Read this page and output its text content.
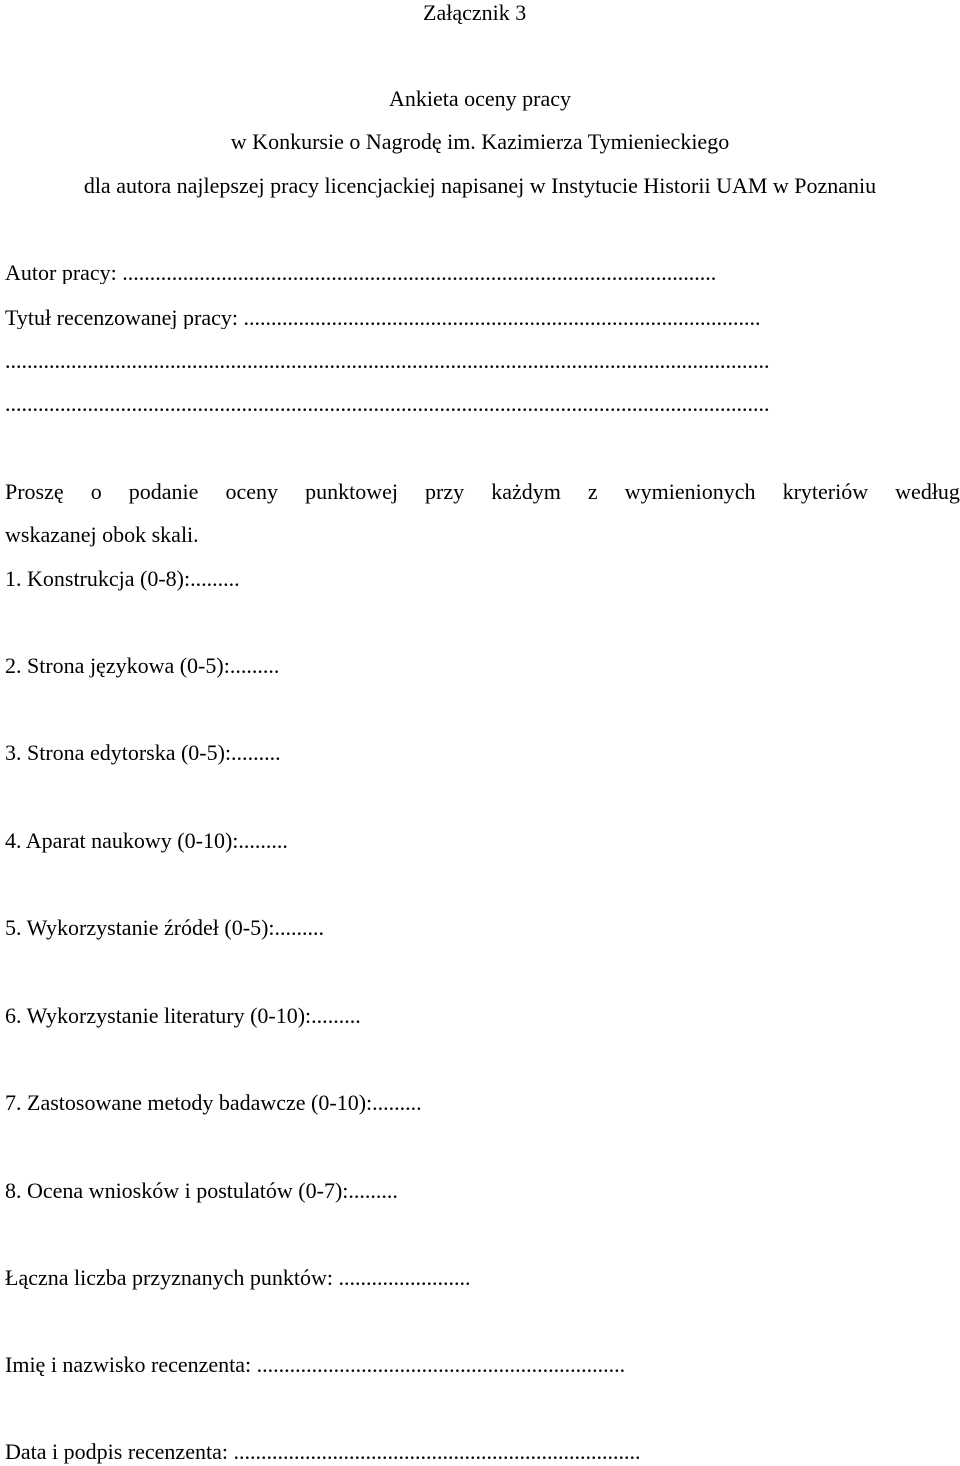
Załącznik 3
Ankieta oceny pracy
w Konkursie o Nagrodę im. Kazimierza Tymienieckiego
dla autora najlepszej pracy licencjackiej napisanej w Instytucie Historii UAM w Poznaniu
Autor pracy: ............................................................................................................
Tytuł recenzowanej pracy: ..............................................................................................
...........................................................................................................................................
...........................................................................................................................................
Proszę o podanie oceny punktowej przy każdym z wymienionych kryteriów według
wskazanej obok skali.
1. Konstrukcja (0-8):.........
2. Strona językowa (0-5):.........
3. Strona edytorska (0-5):.........
4. Aparat naukowy (0-10):.........
5. Wykorzystanie źródeł (0-5):.........
6. Wykorzystanie literatury (0-10):.........
7. Zastosowane metody badawcze (0-10):.........
8. Ocena wniosków i postulatów (0-7):.........
Łączna liczba przyznanych punktów: ........................
Imię i nazwisko recenzenta: ...................................................................
Data i podpis recenzenta: ..........................................................................
